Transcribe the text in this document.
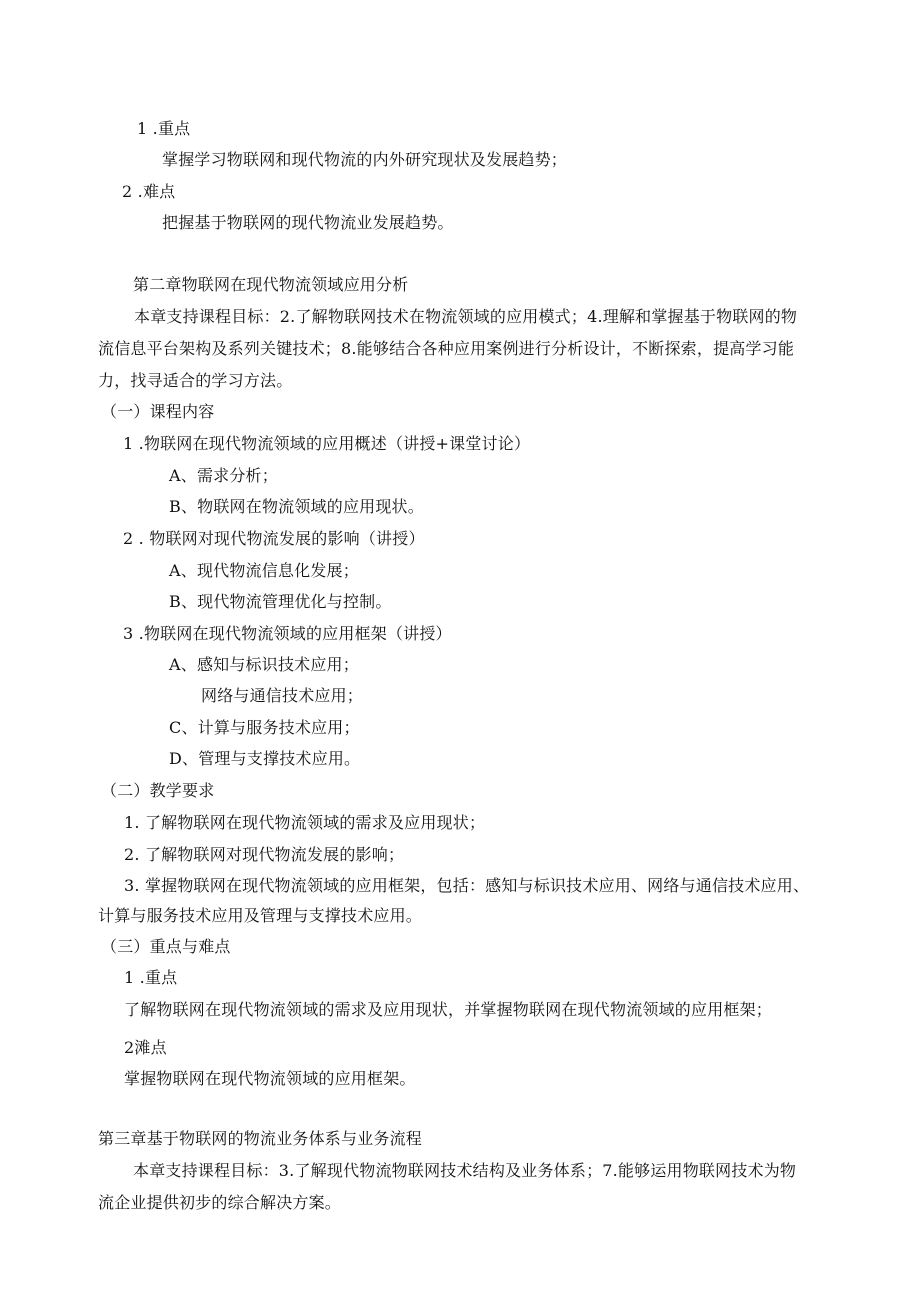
1 .重点

掌握学习物联网和现代物流的内外研究现状及发展趋势；

2 .难点

把握基于物联网的现代物流业发展趋势。

第二章物联网在现代物流领域应用分析

本章支持课程目标：2.了解物联网技术在物流领域的应用模式；4.理解和掌握基于物联网的物

流信息平台架构及系列关键技术；8.能够结合各种应用案例进行分析设计，不断探索，提高学习能

力，找寻适合的学习方法。

（一）课程内容

1 .物联网在现代物流领域的应用概述（讲授+课堂讨论）

A、需求分析；

B、物联网在物流领域的应用现状。

2 . 物联网对现代物流发展的影响（讲授）

A、现代物流信息化发展；

B、现代物流管理优化与控制。

3 .物联网在现代物流领域的应用框架（讲授）

A、感知与标识技术应用；

网络与通信技术应用；

C、计算与服务技术应用；

D、管理与支撑技术应用。

（二）教学要求

1. 了解物联网在现代物流领域的需求及应用现状；

2. 了解物联网对现代物流发展的影响；

3. 掌握物联网在现代物流领域的应用框架，包括：感知与标识技术应用、网络与通信技术应用、

计算与服务技术应用及管理与支撑技术应用。

（三）重点与难点

1 .重点

了解物联网在现代物流领域的需求及应用现状，并掌握物联网在现代物流领域的应用框架；

2滩点

掌握物联网在现代物流领域的应用框架。

第三章基于物联网的物流业务体系与业务流程

本章支持课程目标：3.了解现代物流物联网技术结构及业务体系；7.能够运用物联网技术为物

流企业提供初步的综合解决方案。
